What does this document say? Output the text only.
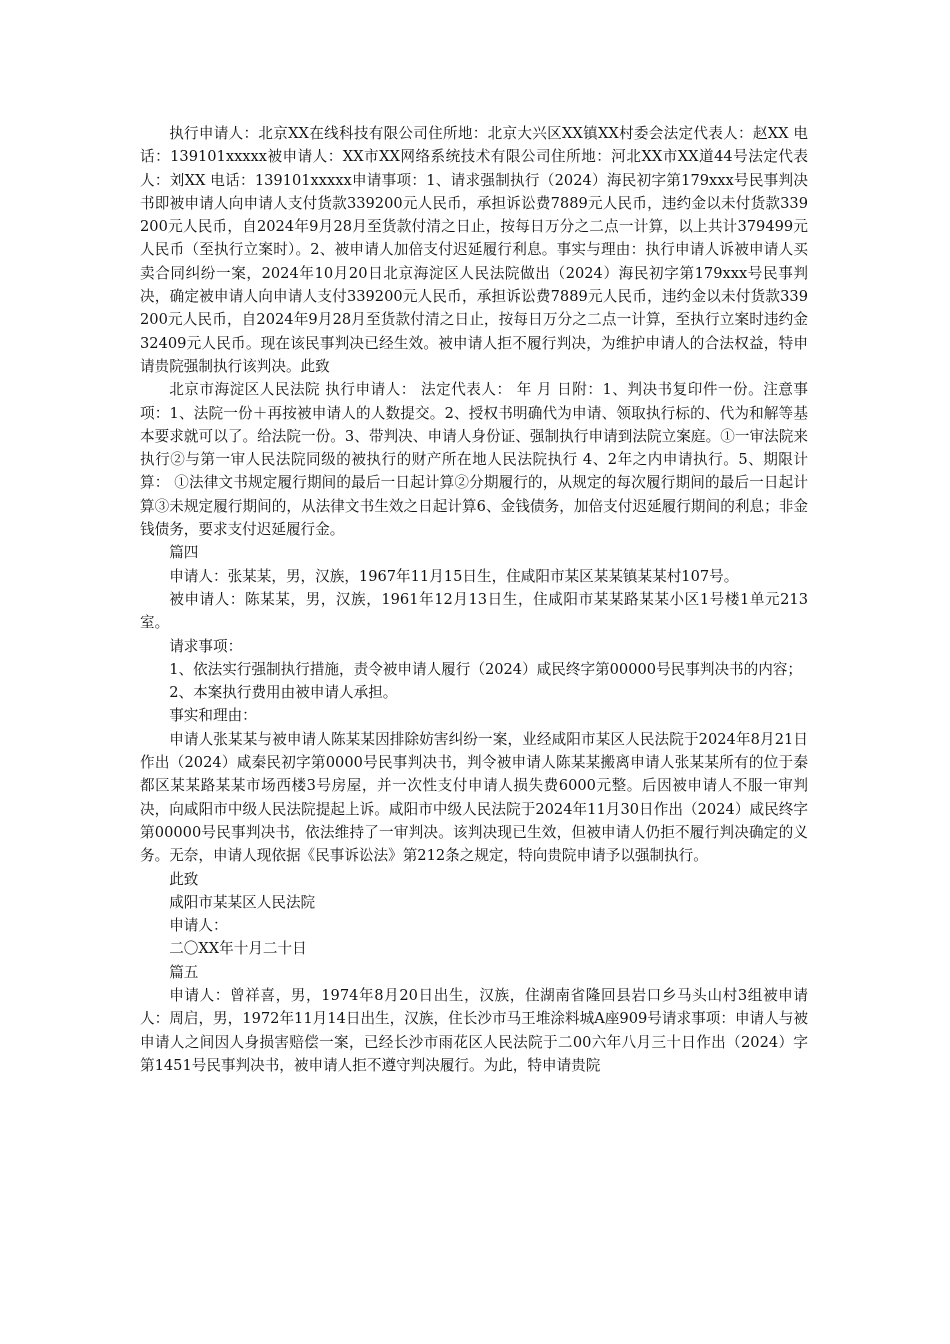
执行申请人：北京XX在线科技有限公司住所地：北京大兴区XX镇XX村委会法定代表人：赵XX 电话：139101xxxxx被申请人：XX市XX网络系统技术有限公司住所地：河北XX市XX道44号法定代表人：刘XX 电话：139101xxxxx申请事项：1、请求强制执行（2024）海民初字第179xxx号民事判决书即被申请人向申请人支付货款339200元人民币，承担诉讼费7889元人民币，违约金以未付货款339200元人民币，自2024年9月28月至货款付清之日止，按每日万分之二点一计算，以上共计379499元人民币（至执行立案时）。2、被申请人加倍支付迟延履行利息。事实与理由：执行申请人诉被申请人买卖合同纠纷一案，2024年10月20日北京海淀区人民法院做出（2024）海民初字第179xxx号民事判决，确定被申请人向申请人支付339200元人民币，承担诉讼费7889元人民币，违约金以未付货款339200元人民币，自2024年9月28月至货款付清之日止，按每日万分之二点一计算，至执行立案时违约金32409元人民币。现在该民事判决已经生效。被申请人拒不履行判决，为维护申请人的合法权益，特申请贵院强制执行该判决。此致

北京市海淀区人民法院 执行申请人： 法定代表人： 年 月 日附：1、判决书复印件一份。注意事项：1、法院一份＋再按被申请人的人数提交。2、授权书明确代为申请、领取执行标的、代为和解等基本要求就可以了。给法院一份。3、带判决、申请人身份证、强制执行申请到法院立案庭。①一审法院来执行②与第一审人民法院同级的被执行的财产所在地人民法院执行 4、2年之内申请执行。5、期限计算： ①法律文书规定履行期间的最后一日起计算②分期履行的，从规定的每次履行期间的最后一日起计算③未规定履行期间的，从法律文书生效之日起计算6、金钱债务，加倍支付迟延履行期间的利息；非金钱债务，要求支付迟延履行金。

篇四

申请人：张某某，男，汉族，1967年11月15日生，住咸阳市某区某某镇某某村107号。

被申请人：陈某某，男，汉族，1961年12月13日生，住咸阳市某某路某某小区1号楼1单元213室。

请求事项：

1、依法实行强制执行措施，责令被申请人履行（2024）咸民终字第00000号民事判决书的内容；

2、本案执行费用由被申请人承担。

事实和理由：

申请人张某某与被申请人陈某某因排除妨害纠纷一案，业经咸阳市某区人民法院于2024年8月21日作出（2024）咸秦民初字第0000号民事判决书，判令被申请人陈某某搬离申请人张某某所有的位于秦都区某某路某某市场西楼3号房屋，并一次性支付申请人损失费6000元整。后因被申请人不服一审判决，向咸阳市中级人民法院提起上诉。咸阳市中级人民法院于2024年11月30日作出（2024）咸民终字第00000号民事判决书，依法维持了一审判决。该判决现已生效，但被申请人仍拒不履行判决确定的义务。无奈，申请人现依据《民事诉讼法》第212条之规定，特向贵院申请予以强制执行。

此致

咸阳市某某区人民法院

申请人：

二〇XX年十月二十日

篇五

申请人：曾祥喜，男，1974年8月20日出生，汉族，住湖南省隆回县岩口乡马头山村3组被申请人：周启，男，1972年11月14日出生，汉族，住长沙市马王堆涂料城A座909号请求事项：申请人与被申请人之间因人身损害赔偿一案，已经长沙市雨花区人民法院于二00六年八月三十日作出（2024）字第1451号民事判决书，被申请人拒不遵守判决履行。为此，特申请贵院
